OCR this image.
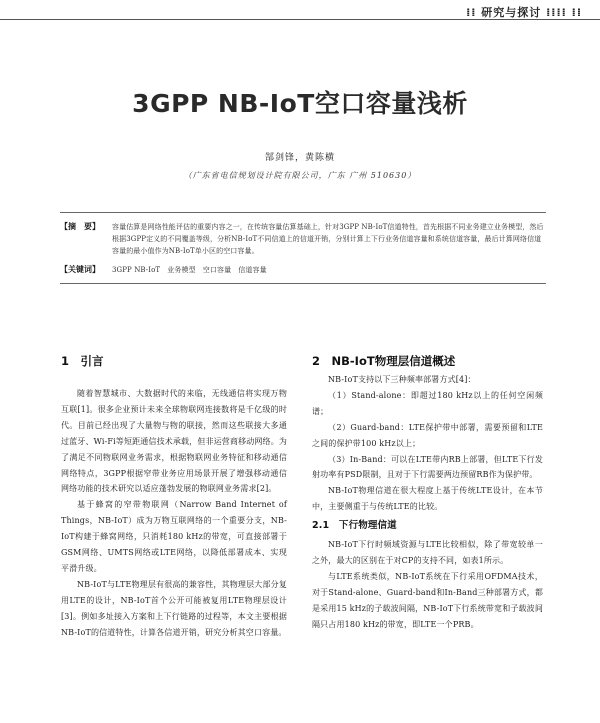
⁞⁞ 研究与探讨 ⁞⁞⁞⁞ ⁞⁞
3GPP NB-IoT空口容量浅析
郜剑锋，黄陈横
（广东省电信规划设计院有限公司，广东 广州 510630）
【摘　要】 容量估算是网络性能评估的重要内容之一，在传统容量估算基础上，针对3GPP NB-IoT信道特性，首先根据不同业务建立业务模型，然后根据3GPP定义的不同覆盖等级，分析NB-IoT不同信道上的信道开销，分别计算上下行业务信道容量和系统信道容量，最后计算网络信道容量的最小值作为NB-IoT单小区的空口容量。
【关键词】 3GPP NB-IoT　业务模型　空口容量　信道容量
1　引言

随着智慧城市、大数据时代的来临，无线通信将实现万物互联[1]。很多企业预计未来全球物联网连接数将是千亿级的时代。目前已经出现了大量物与物的联接，然而这些联接大多通过蓝牙、Wi-Fi等短距通信技术承载，但非运营商移动网络。为了满足不同物联网业务需求，根据物联网业务特征和移动通信网络特点，3GPP根据窄带业务应用场景开展了增强移动通信网络功能的技术研究以适应蓬勃发展的物联网业务需求[2]。

基于蜂窝的窄带物联网（Narrow Band Internet of Things，NB-IoT）成为万物互联网络的一个重要分支，NB-IoT构建于蜂窝网络，只消耗180 kHz的带宽，可直接部署于GSM网络、UMTS网络或LTE网络，以降低部署成本、实现平滑升级。

NB-IoT与LTE物理层有很高的兼容性，其物理层大部分复用LTE的设计，NB-IoT首个公开可能被复用LTE物理层设计[3]。例如多址接入方案和上下行链路的过程等，本文主要根据NB-IoT的信道特性，计算各信道开销，研究分析其空口容量。

2　NB-IoT物理层信道概述

NB-IoT支持以下三种频率部署方式[4]：

（1）Stand-alone：即超过180 kHz以上的任何空闲频谱；

（2）Guard-band：LTE保护带中部署，需要预留和LTE之间的保护带100 kHz以上；

（3）In-Band：可以在LTE带内RB上部署，但LTE下行发射功率有PSD限制，且对于下行需要两边预留RB作为保护带。

NB-IoT物理信道在很大程度上基于传统LTE设计，在本节中，主要侧重于与传统LTE的比较。

2.1　下行物理信道

NB-IoT下行时频域资源与LTE比较相似，除了带宽较单一之外，最大的区别在于对CP的支持不同，如表1所示。

与LTE系统类似，NB-IoT系统在下行采用OFDMA技术，对于Stand-alone、Guard-band和In-Band三种部署方式，都是采用15 kHz的子载波间隔，NB-IoT下行系统带宽和子载波间隔只占用180 kHz的带宽，即LTE一个PRB。
